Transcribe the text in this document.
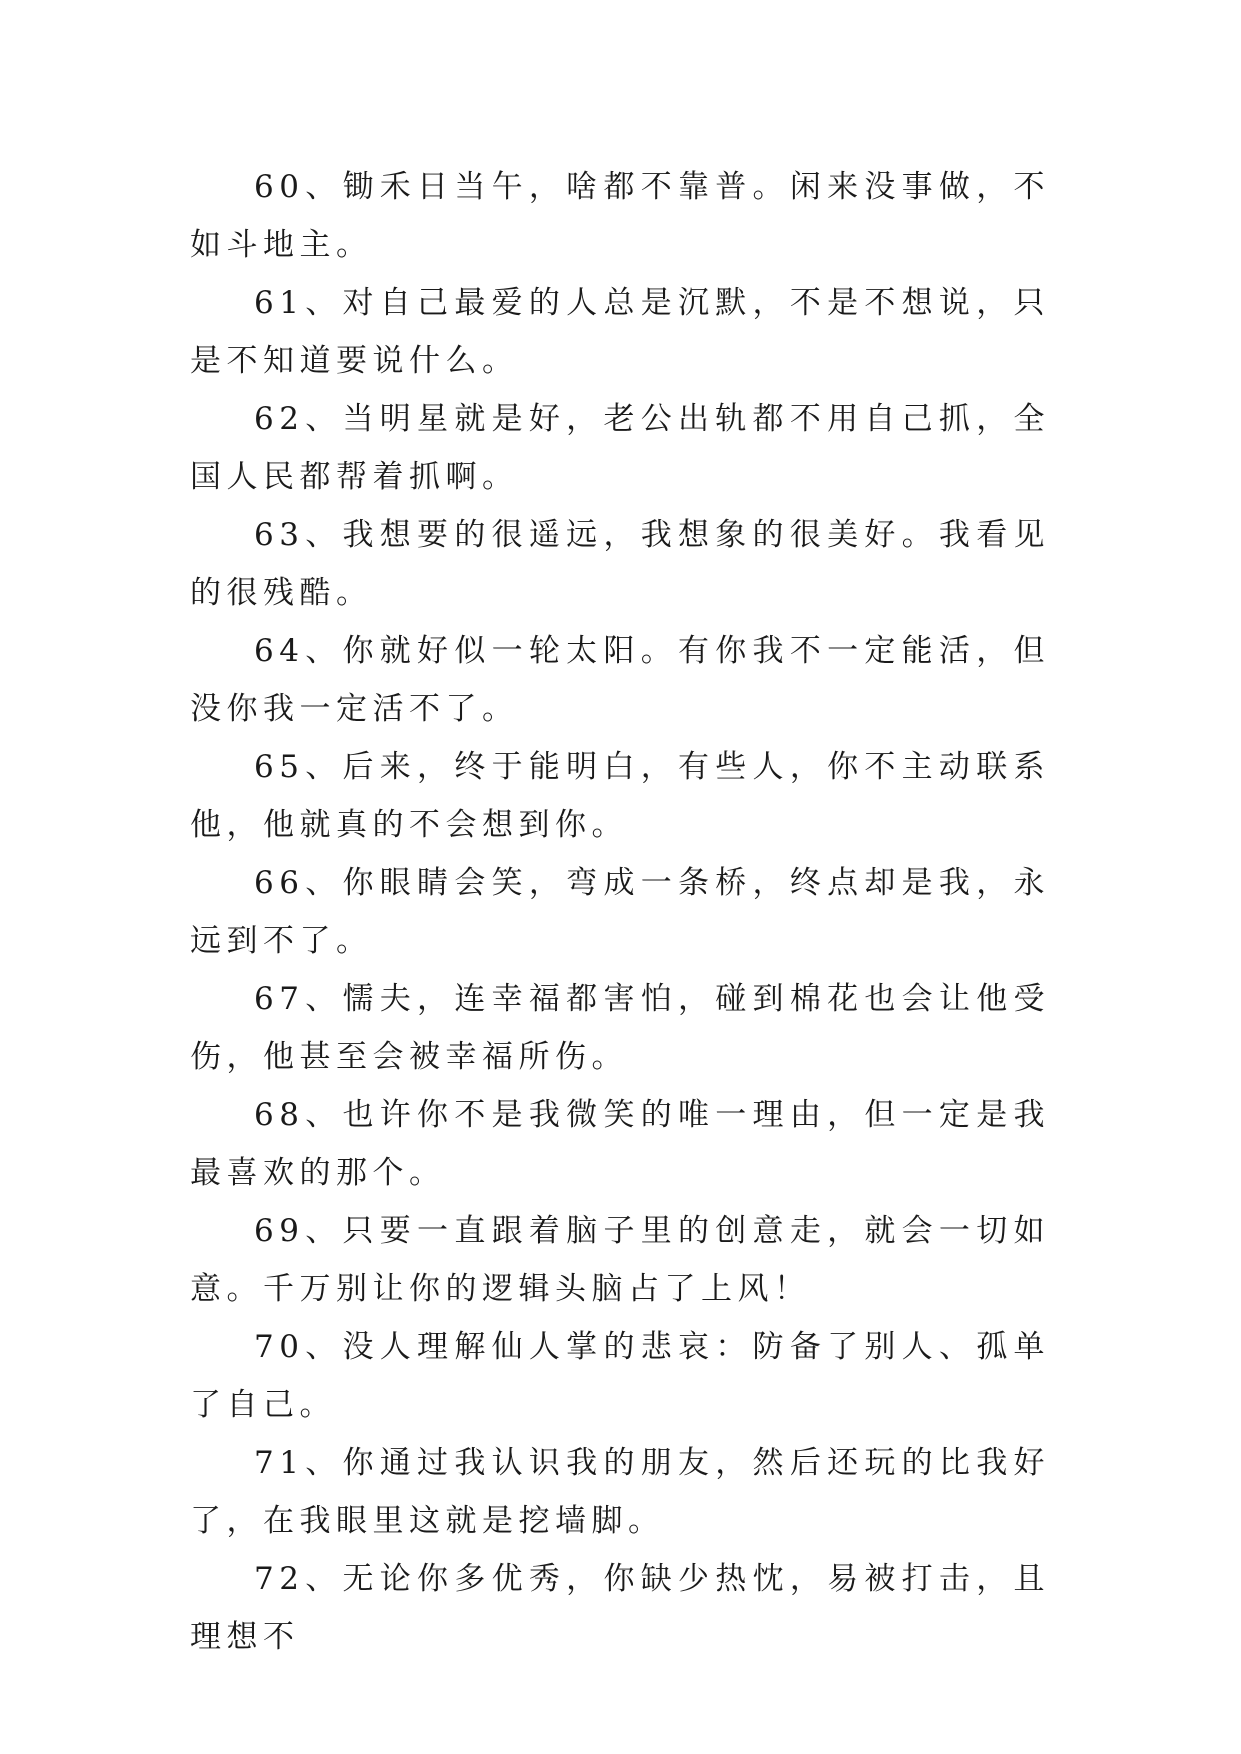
60、锄禾日当午，啥都不靠普。闲来没事做，不如斗地主。

61、对自己最爱的人总是沉默，不是不想说，只是不知道要说什么。

62、当明星就是好，老公出轨都不用自己抓，全国人民都帮着抓啊。

63、我想要的很遥远，我想象的很美好。我看见的很残酷。

64、你就好似一轮太阳。有你我不一定能活，但没你我一定活不了。

65、后来，终于能明白，有些人，你不主动联系他，他就真的不会想到你。

66、你眼睛会笑，弯成一条桥，终点却是我，永远到不了。

67、懦夫，连幸福都害怕，碰到棉花也会让他受伤，他甚至会被幸福所伤。

68、也许你不是我微笑的唯一理由，但一定是我最喜欢的那个。

69、只要一直跟着脑子里的创意走，就会一切如意。千万别让你的逻辑头脑占了上风！

70、没人理解仙人掌的悲哀：防备了别人、孤单了自己。

71、你通过我认识我的朋友，然后还玩的比我好了，在我眼里这就是挖墙脚。

72、无论你多优秀，你缺少热忱，易被打击，且理想不
